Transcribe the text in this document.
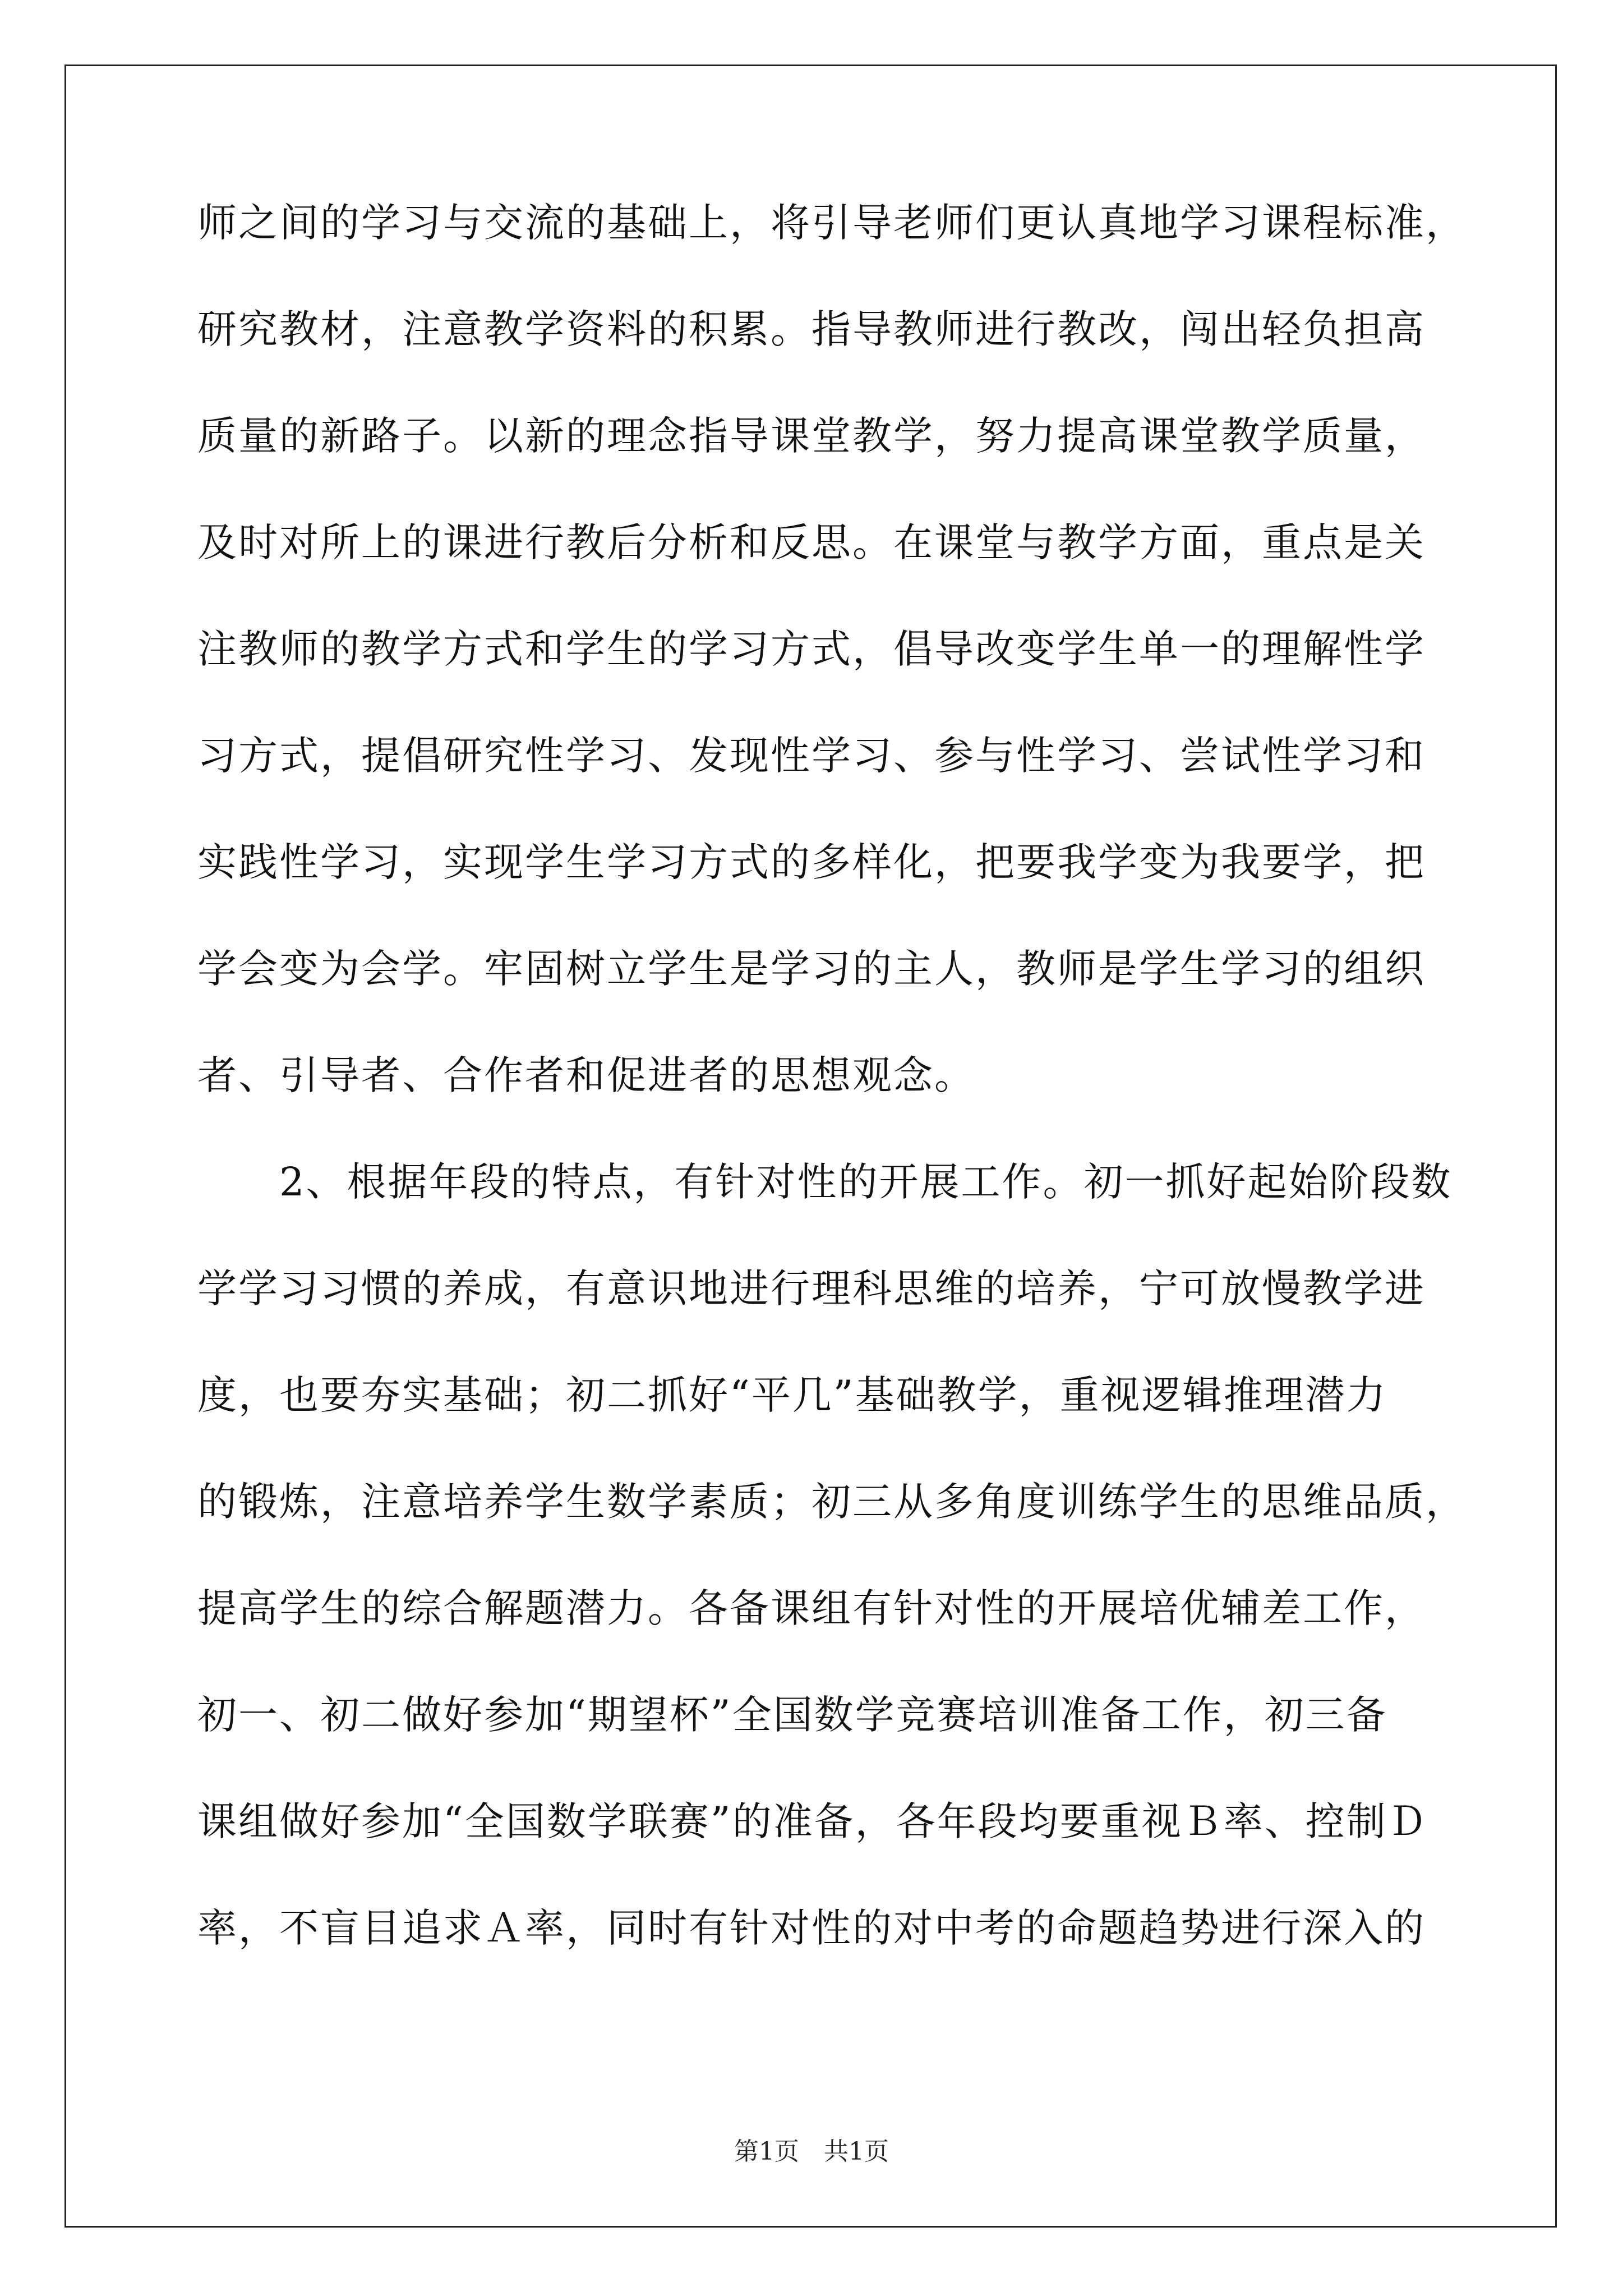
师之间的学习与交流的基础上，将引导老师们更认真地学习课程标准，
研究教材，注意教学资料的积累。指导教师进行教改，闯出轻负担高
质量的新路子。以新的理念指导课堂教学，努力提高课堂教学质量，
及时对所上的课进行教后分析和反思。在课堂与教学方面，重点是关
注教师的教学方式和学生的学习方式，倡导改变学生单一的理解性学
习方式，提倡研究性学习、发现性学习、参与性学习、尝试性学习和
实践性学习，实现学生学习方式的多样化，把要我学变为我要学，把
学会变为会学。牢固树立学生是学习的主人，教师是学生学习的组织
者、引导者、合作者和促进者的思想观念。
　　2、根据年段的特点，有针对性的开展工作。初一抓好起始阶段数
学学习习惯的养成，有意识地进行理科思维的培养，宁可放慢教学进
度，也要夯实基础；初二抓好“平几”基础教学，重视逻辑推理潜力
的锻炼，注意培养学生数学素质；初三从多角度训练学生的思维品质，
提高学生的综合解题潜力。各备课组有针对性的开展培优辅差工作，
初一、初二做好参加“期望杯”全国数学竞赛培训准备工作，初三备
课组做好参加“全国数学联赛”的准备，各年段均要重视Ｂ率、控制Ｄ
率，不盲目追求Ａ率，同时有针对性的对中考的命题趋势进行深入的
第1页　共1页
